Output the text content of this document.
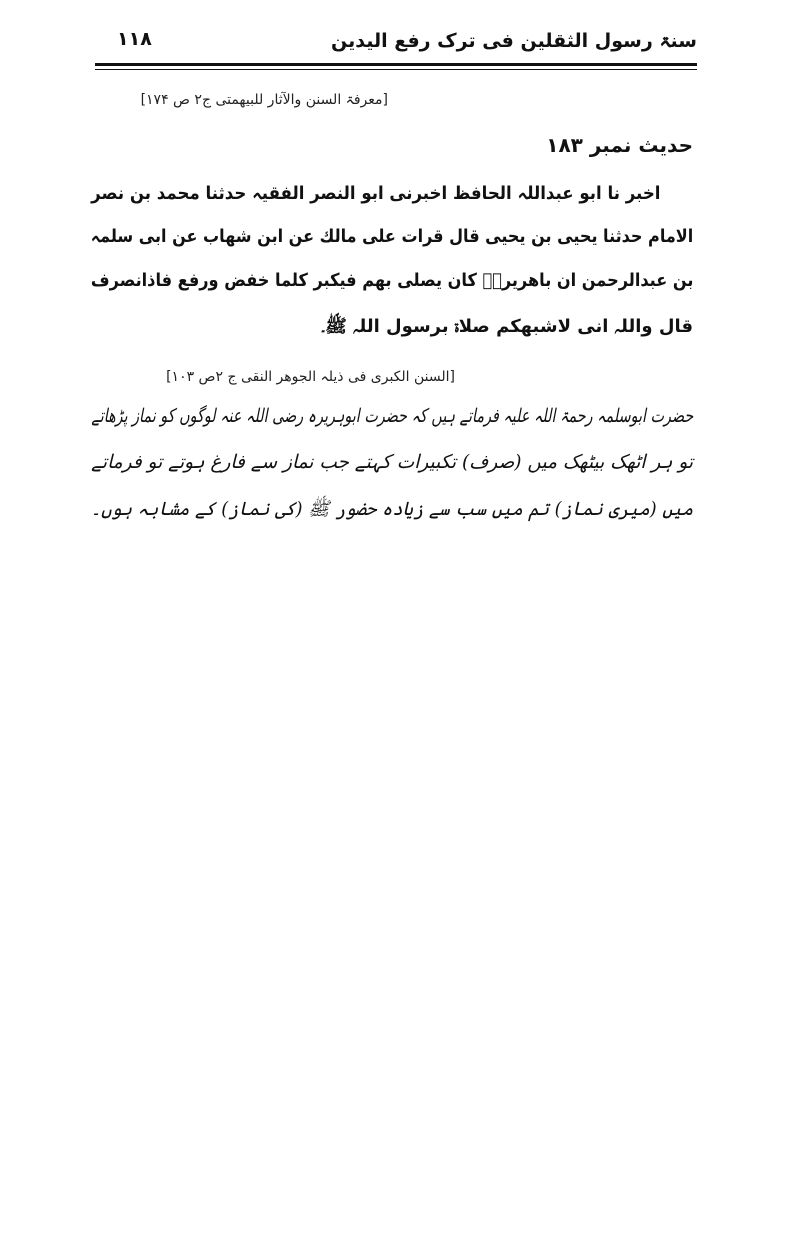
سنۃ رسول الثقلین فی ترک رفع الیدین
١١٨
[معرفۃ السنن والآثار للبیھمتی ج۲ ص ۱۷۴]
حدیث نمبر ۱۸۳
اخبر نا ابو عبداللہ الحافظ اخبرنی ابو النصر الفقیہ حدثنا محمد بن نصر
الامام حدثنا یحیی بن یحیی قال قرات علی مالك عن ابن شھاب عن ابی سلمہ
بن عبدالرحمن ان باھریرۃؓ کان یصلی بھم فیکبر کلما خفض ورفع فاذانصرف
قال واللہ انی لاشبھکم صلاۃ برسول اللہ ﷺ۔
[السنن الکبری فی ذیلہ الجوھر النقی ج ۲ص ۱۰۳]
حضرت ابوسلمہ رحمۃ اللہ علیہ فرماتے ہیں کہ حضرت ابوہریرہ رضی اللہ عنہ لوگوں کو نماز پڑھاتے
تو ہر اٹھک بیٹھک میں (صرف) تکبیرات کہتے جب نماز سے فارغ ہوتے تو فرماتے
میں (میری نماز) تم میں سب سے زیادہ حضور ﷺ (کی نماز) کے مشابہ ہوں۔
